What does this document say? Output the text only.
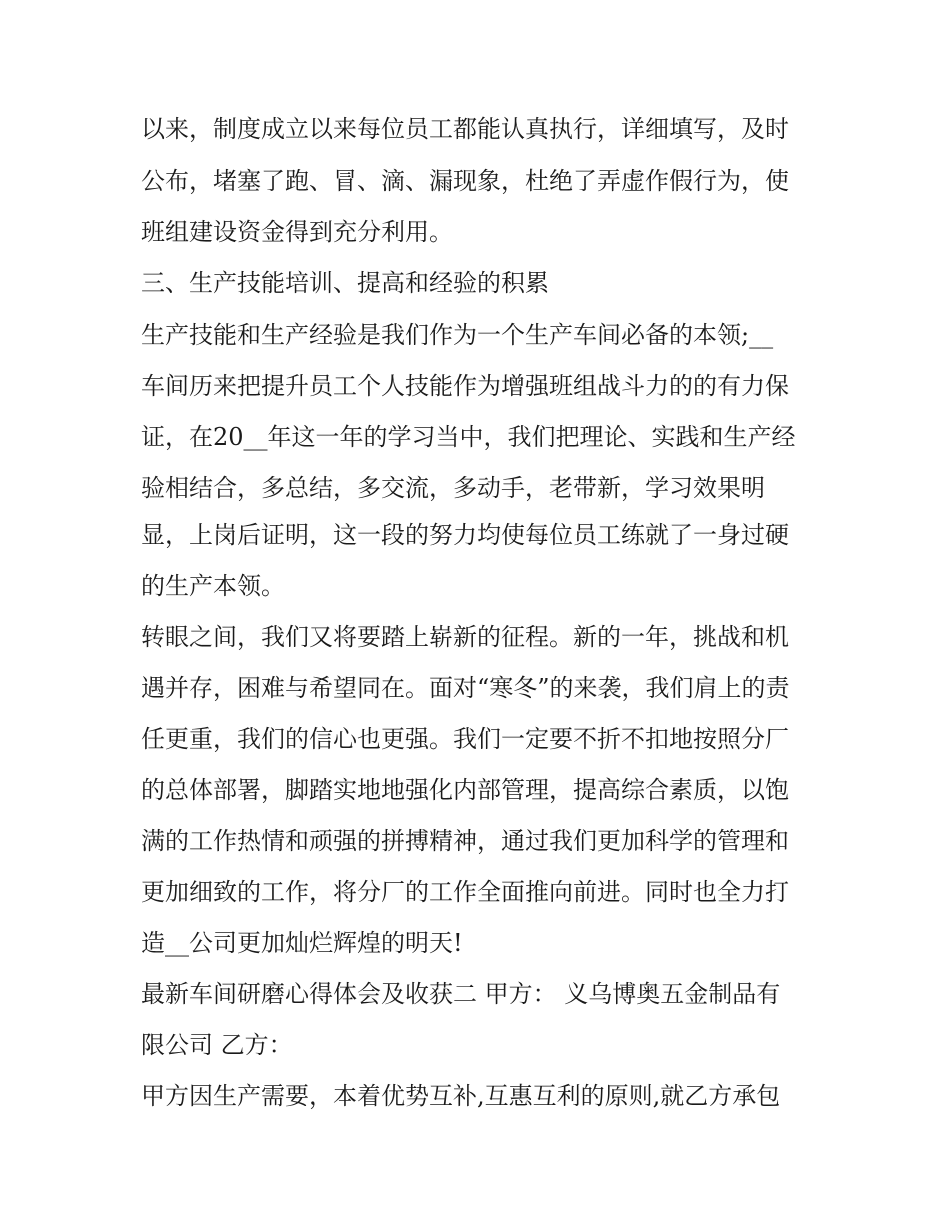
以来，制度成立以来每位员工都能认真执行，详细填写，及时
公布，堵塞了跑、冒、滴、漏现象，杜绝了弄虚作假行为，使
班组建设资金得到充分利用。
三、生产技能培训、提高和经验的积累
生产技能和生产经验是我们作为一个生产车间必备的本领;__
车间历来把提升员工个人技能作为增强班组战斗力的的有力保
证，在20__年这一年的学习当中，我们把理论、实践和生产经
验相结合，多总结，多交流，多动手，老带新，学习效果明
显，上岗后证明，这一段的努力均使每位员工练就了一身过硬
的生产本领。
转眼之间，我们又将要踏上崭新的征程。新的一年，挑战和机
遇并存，困难与希望同在。面对“寒冬”的来袭，我们肩上的责
任更重，我们的信心也更强。我们一定要不折不扣地按照分厂
的总体部署，脚踏实地地强化内部管理，提高综合素质，以饱
满的工作热情和顽强的拼搏精神，通过我们更加科学的管理和
更加细致的工作，将分厂的工作全面推向前进。同时也全力打
造__公司更加灿烂辉煌的明天!
最新车间研磨心得体会及收获二 甲方： 义乌博奥五金制品有
限公司 乙方：
甲方因生产需要，本着优势互补,互惠互利的原则,就乙方承包
